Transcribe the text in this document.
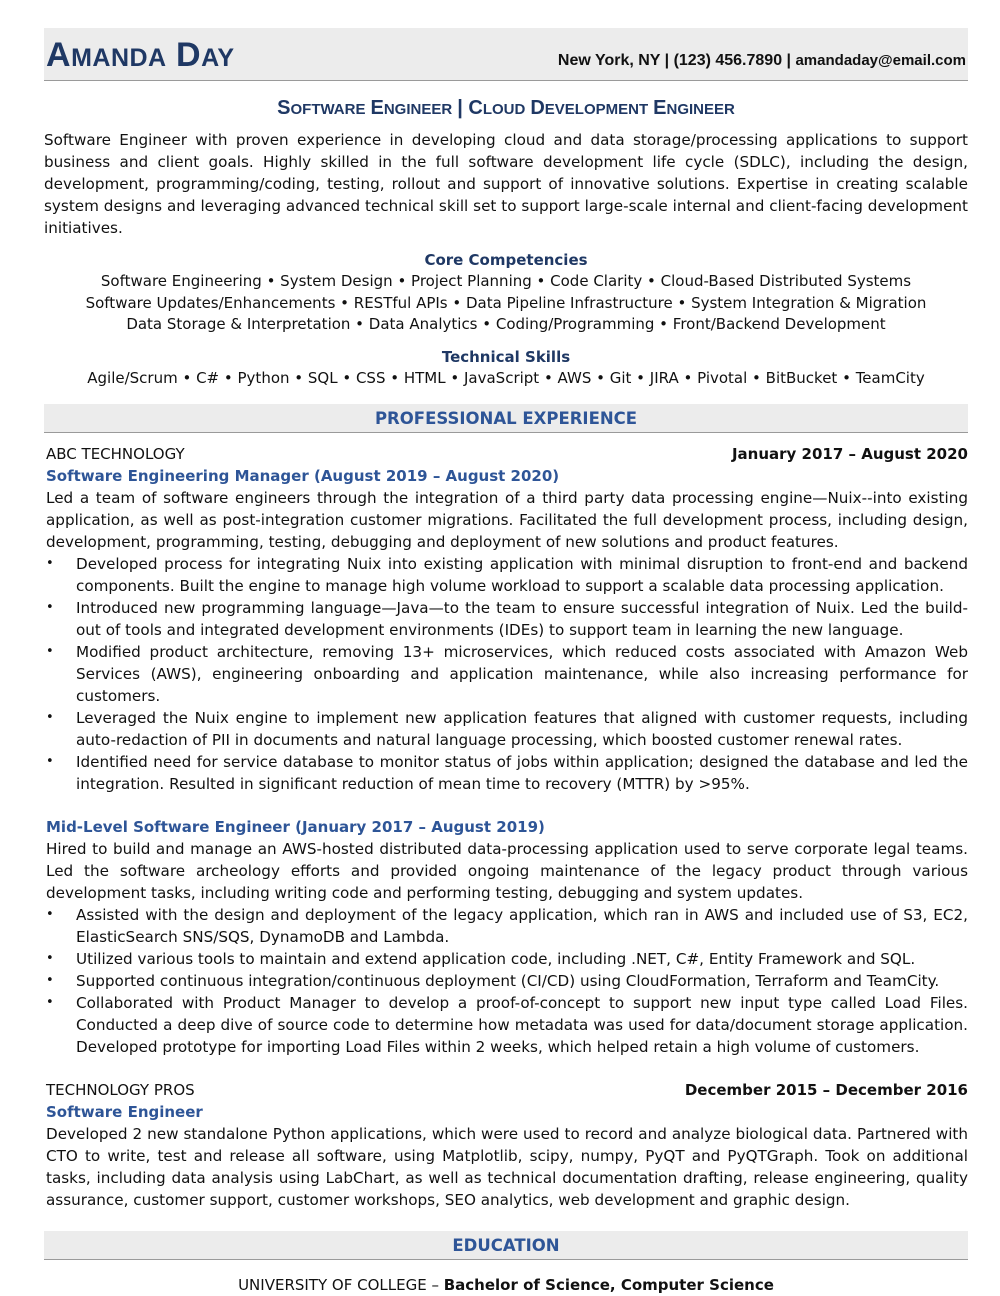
AMANDA DAY	New York, NY | (123) 456.7890 | amandaday@email.com
SOFTWARE ENGINEER | CLOUD DEVELOPMENT ENGINEER
Software Engineer with proven experience in developing cloud and data storage/processing applications to support business and client goals. Highly skilled in the full software development life cycle (SDLC), including the design, development, programming/coding, testing, rollout and support of innovative solutions. Expertise in creating scalable system designs and leveraging advanced technical skill set to support large-scale internal and client-facing development initiatives.
Core Competencies
Software Engineering • System Design • Project Planning • Code Clarity • Cloud-Based Distributed Systems
Software Updates/Enhancements • RESTful APIs • Data Pipeline Infrastructure • System Integration & Migration
Data Storage & Interpretation • Data Analytics • Coding/Programming • Front/Backend Development
Technical Skills
Agile/Scrum • C# • Python • SQL • CSS • HTML • JavaScript • AWS • Git • JIRA • Pivotal • BitBucket • TeamCity
PROFESSIONAL EXPERIENCE
ABC TECHNOLOGY	January 2017 – August 2020
Software Engineering Manager (August 2019 – August 2020)
Led a team of software engineers through the integration of a third party data processing engine—Nuix--into existing application, as well as post-integration customer migrations. Facilitated the full development process, including design, development, programming, testing, debugging and deployment of new solutions and product features.
• Developed process for integrating Nuix into existing application with minimal disruption to front-end and backend components. Built the engine to manage high volume workload to support a scalable data processing application.
• Introduced new programming language—Java—to the team to ensure successful integration of Nuix. Led the build-out of tools and integrated development environments (IDEs) to support team in learning the new language.
• Modified product architecture, removing 13+ microservices, which reduced costs associated with Amazon Web Services (AWS), engineering onboarding and application maintenance, while also increasing performance for customers.
• Leveraged the Nuix engine to implement new application features that aligned with customer requests, including auto-redaction of PII in documents and natural language processing, which boosted customer renewal rates.
• Identified need for service database to monitor status of jobs within application; designed the database and led the integration. Resulted in significant reduction of mean time to recovery (MTTR) by >95%.
Mid-Level Software Engineer (January 2017 – August 2019)
Hired to build and manage an AWS-hosted distributed data-processing application used to serve corporate legal teams. Led the software archeology efforts and provided ongoing maintenance of the legacy product through various development tasks, including writing code and performing testing, debugging and system updates.
• Assisted with the design and deployment of the legacy application, which ran in AWS and included use of S3, EC2, ElasticSearch SNS/SQS, DynamoDB and Lambda.
• Utilized various tools to maintain and extend application code, including .NET, C#, Entity Framework and SQL.
• Supported continuous integration/continuous deployment (CI/CD) using CloudFormation, Terraform and TeamCity.
• Collaborated with Product Manager to develop a proof-of-concept to support new input type called Load Files. Conducted a deep dive of source code to determine how metadata was used for data/document storage application. Developed prototype for importing Load Files within 2 weeks, which helped retain a high volume of customers.
TECHNOLOGY PROS	December 2015 – December 2016
Software Engineer
Developed 2 new standalone Python applications, which were used to record and analyze biological data. Partnered with CTO to write, test and release all software, using Matplotlib, scipy, numpy, PyQT and PyQTGraph. Took on additional tasks, including data analysis using LabChart, as well as technical documentation drafting, release engineering, quality assurance, customer support, customer workshops, SEO analytics, web development and graphic design.
EDUCATION
UNIVERSITY OF COLLEGE – Bachelor of Science, Computer Science
